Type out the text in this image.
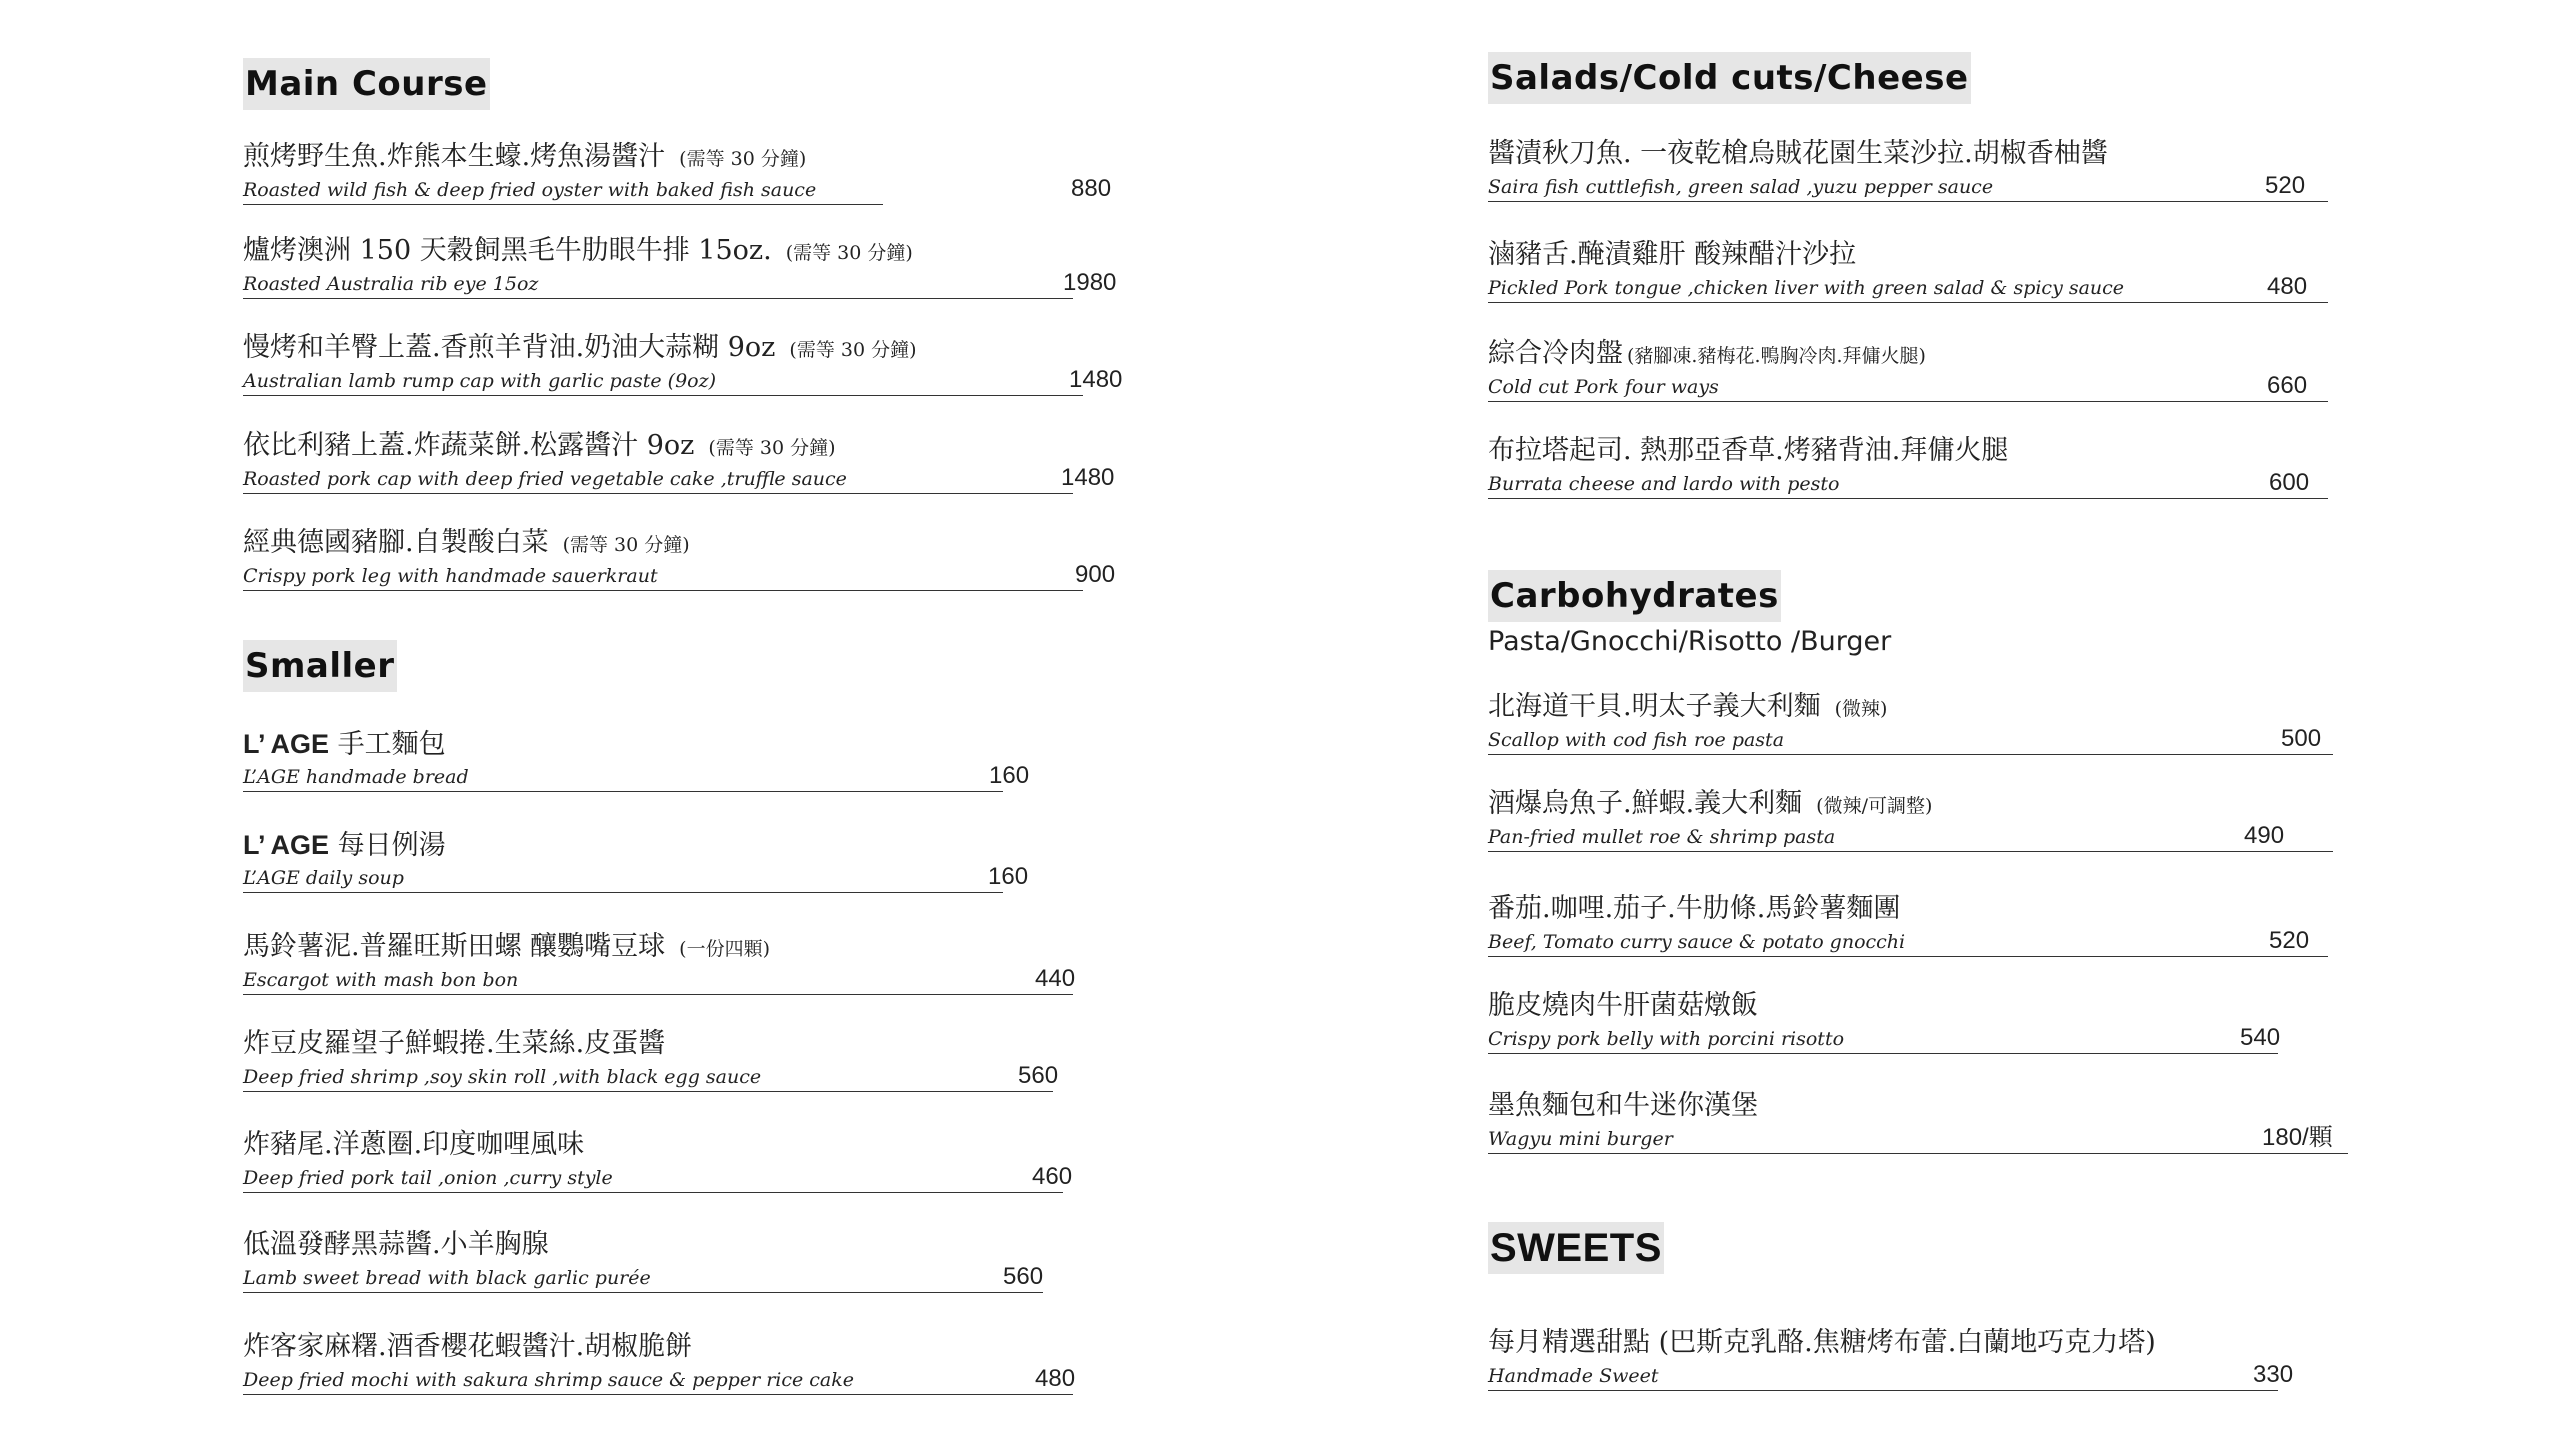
Main Course
煎烤野生魚.炸熊本生蠔.烤魚湯醬汁 (需等 30 分鐘)
Roasted wild fish & deep fried oyster with baked fish sauce	880
爐烤澳洲 150 天穀飼黑毛牛肋眼牛排 15oz. (需等 30 分鐘)
Roasted Australia rib eye 15oz	1980
慢烤和羊臀上蓋.香煎羊背油.奶油大蒜糊 9oz (需等 30 分鐘)
Australian lamb rump cap with garlic paste (9oz)	1480
依比利豬上蓋.炸蔬菜餅.松露醬汁 9oz (需等 30 分鐘)
Roasted pork cap with deep fried vegetable cake ,truffle sauce	1480
經典德國豬腳.自製酸白菜 (需等 30 分鐘)
Crispy pork leg with handmade sauerkraut	900
Smaller
L’ AGE 手工麵包
L’AGE handmade bread	160
L’ AGE 每日例湯
L’AGE daily soup	160
馬鈴薯泥.普羅旺斯田螺 釀鸚嘴豆球 (一份四顆)
Escargot with mash bon bon	440
炸豆皮羅望子鮮蝦捲.生菜絲.皮蛋醬
Deep fried shrimp ,soy skin roll ,with black egg sauce	560
炸豬尾.洋蔥圈.印度咖哩風味
Deep fried pork tail ,onion ,curry style	460
低溫發酵黑蒜醬.小羊胸腺
Lamb sweet bread with black garlic purée	560
炸客家麻糬.酒香櫻花蝦醬汁.胡椒脆餅
Deep fried mochi with sakura shrimp sauce & pepper rice cake	480
Salads/Cold cuts/Cheese
醬漬秋刀魚. 一夜乾槍烏賊花園生菜沙拉.胡椒香柚醬
Saira fish cuttlefish, green salad ,yuzu pepper sauce	520
滷豬舌.醃漬雞肝 酸辣醋汁沙拉
Pickled Pork tongue ,chicken liver with green salad & spicy sauce	480
綜合冷肉盤 (豬腳凍.豬梅花.鴨胸冷肉.拜傭火腿)
Cold cut Pork four ways	660
布拉塔起司. 熱那亞香草.烤豬背油.拜傭火腿
Burrata cheese and lardo with pesto	600
Carbohydrates
Pasta/Gnocchi/Risotto /Burger
北海道干貝.明太子義大利麵 (微辣)
Scallop with cod fish roe pasta	500
酒爆烏魚子.鮮蝦.義大利麵 (微辣/可調整)
Pan-fried mullet roe & shrimp pasta	490
番茄.咖哩.茄子.牛肋條.馬鈴薯麵團
Beef, Tomato curry sauce & potato gnocchi	520
脆皮燒肉牛肝菌菇燉飯
Crispy pork belly with porcini risotto	540
墨魚麵包和牛迷你漢堡
Wagyu mini burger	180/顆
SWEETS
每月精選甜點 (巴斯克乳酪.焦糖烤布蕾.白蘭地巧克力塔)
Handmade Sweet	330
